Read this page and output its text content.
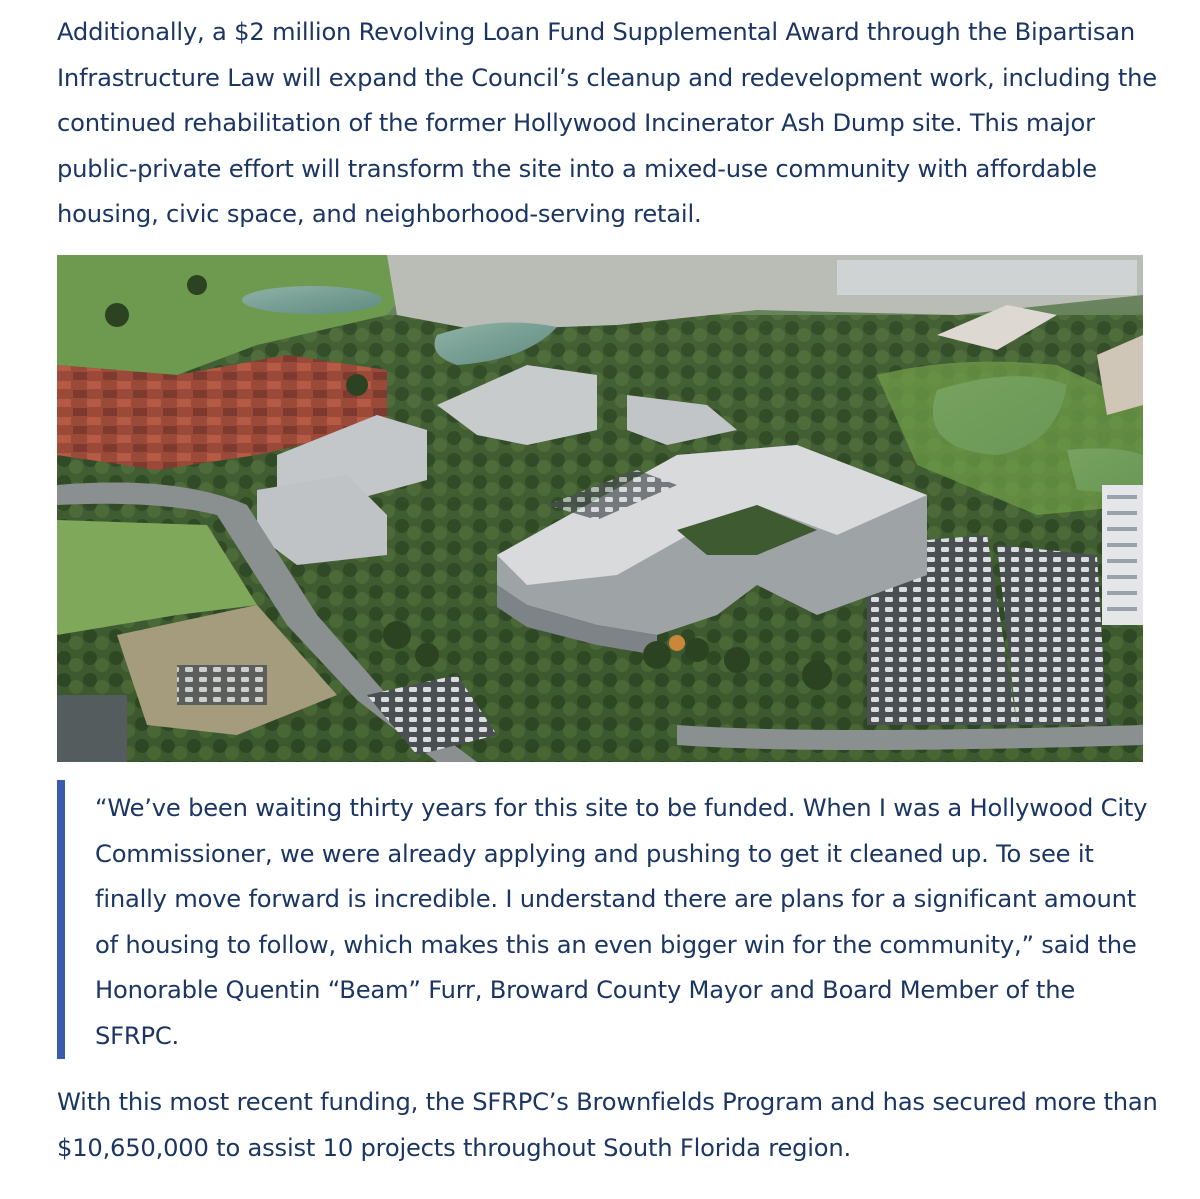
Additionally, a $2 million Revolving Loan Fund Supplemental Award through the Bipartisan Infrastructure Law will expand the Council’s cleanup and redevelopment work, including the continued rehabilitation of the former Hollywood Incinerator Ash Dump site. This major public-private effort will transform the site into a mixed-use community with affordable housing, civic space, and neighborhood-serving retail.

“We’ve been waiting thirty years for this site to be funded. When I was a Hollywood City Commissioner, we were already applying and pushing to get it cleaned up. To see it finally move forward is incredible. I understand there are plans for a significant amount of housing to follow, which makes this an even bigger win for the community,” said the Honorable Quentin “Beam” Furr, Broward County Mayor and Board Member of the SFRPC.

With this most recent funding, the SFRPC’s Brownfields Program and has secured more than $10,650,000 to assist 10 projects throughout South Florida region.
